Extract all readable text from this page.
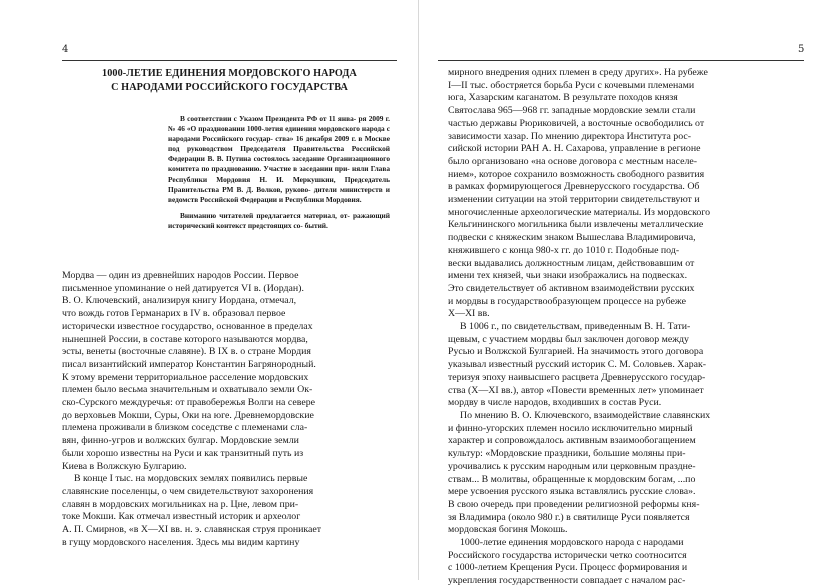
4
1000-ЛЕТИЕ ЕДИНЕНИЯ МОРДОВСКОГО НАРОДА
С НАРОДАМИ РОССИЙСКОГО ГОСУДАРСТВА

В соответствии с Указом Президента РФ от 11 янва- ря 2009 г. № 46 «О праздновании 1000-летия единения мордовского народа с народами Российского государ- ства» 16 декабря 2009 г. в Москве под руководством Председателя Правительства Российской Федерации В. В. Путина состоялось заседание Организационного комитета по празднованию. Участие в заседании при- няли Глава Республики Мордовия Н. И. Меркушкин, Председатель Правительства РМ В. Д. Волков, руково- дители министерств и ведомств Российской Федерации и Республики Мордовия.

Вниманию читателей предлагается материал, от- ражающий исторический контекст предстоящих со- бытий.

Мордва — один из древнейших народов России. Первое
письменное упоминание о ней датируется VI в. (Иордан).
В. О. Ключевский, анализируя книгу Иордана, отмечал,
что вождь готов Германарих в IV в. образовал первое
исторически известное государство, основанное в пределах
нынешней России, в составе которого называются мордва,
эсты, венеты (восточные славяне). В IX в. о стране Мордия
писал византийский император Константин Багрянородный.
К этому времени территориальное расселение мордовских
племен было весьма значительным и охватывало земли Ок-
ско-Сурского междуречья: от правобережья Волги на севере
до верховьев Мокши, Суры, Оки на юге. Древнемордовские
племена проживали в близком соседстве с племенами сла-
вян, финно-угров и волжских булгар. Мордовские земли
были хорошо известны на Руси и как транзитный путь из
Киева в Волжскую Булгарию.
В конце I тыс. на мордовских землях появились первые
славянские поселенцы, о чем свидетельствуют захоронения
славян в мордовских могильниках на р. Цне, левом при-
токе Мокши. Как отмечал известный историк и археолог
А. П. Смирнов, «в X—XI вв. н. э. славянская струя проникает
в гущу мордовского населения. Здесь мы видим картину
5
мирного внедрения одних племен в среду других». На рубеже
I—II тыс. обостряется борьба Руси с кочевыми племенами
юга, Хазарским каганатом. В результате походов князя
Святослава 965—968 гг. западные мордовские земли стали
частью державы Рюриковичей, а восточные освободились от
зависимости хазар. По мнению директора Института рос-
сийской истории РАН А. Н. Сахарова, управление в регионе
было организовано «на основе договора с местным населе-
нием», которое сохранило возможность свободного развития
в рамках формирующегося Древнерусского государства. Об
изменении ситуации на этой территории свидетельствуют и
многочисленные археологические материалы. Из мордовского
Кельгининского могильника были извлечены металлические
подвески с княжеским знаком Вышеслава Владимировича,
княжившего с конца 980-х гг. до 1010 г. Подобные под-
вески выдавались должностным лицам, действовавшим от
имени тех князей, чьи знаки изображались на подвесках.
Это свидетельствует об активном взаимодействии русских
и мордвы в государствообразующем процессе на рубеже
X—XI вв.
В 1006 г., по свидетельствам, приведенным В. Н. Тати-
щевым, с участием мордвы был заключен договор между
Русью и Волжской Булгарией. На значимость этого договора
указывал известный русский историк С. М. Соловьев. Харак-
теризуя эпоху наивысшего расцвета Древнерусского государ-
ства (X—XI вв.), автор «Повести временных лет» упоминает
мордву в числе народов, входивших в состав Руси.
По мнению В. О. Ключевского, взаимодействие славянских
и финно-угорских племен носило исключительно мирный
характер и сопровождалось активным взаимообогащением
культур: «Мордовские праздники, большие моляны при-
урочивались к русским народным или церковным праздне-
ствам... В молитвы, обращенные к мордовским богам, ...по
мере усвоения русского языка вставлялись русские слова».
В свою очередь при проведении религиозной реформы кня-
зя Владимира (около 980 г.) в святилище Руси появляется
мордовская богиня Мокошь.
1000-летие единения мордовского народа с народами
Российского государства исторически четко соотносится
с 1000-летием Крещения Руси. Процесс формирования и
укрепления государственности совпадает с началом рас-
